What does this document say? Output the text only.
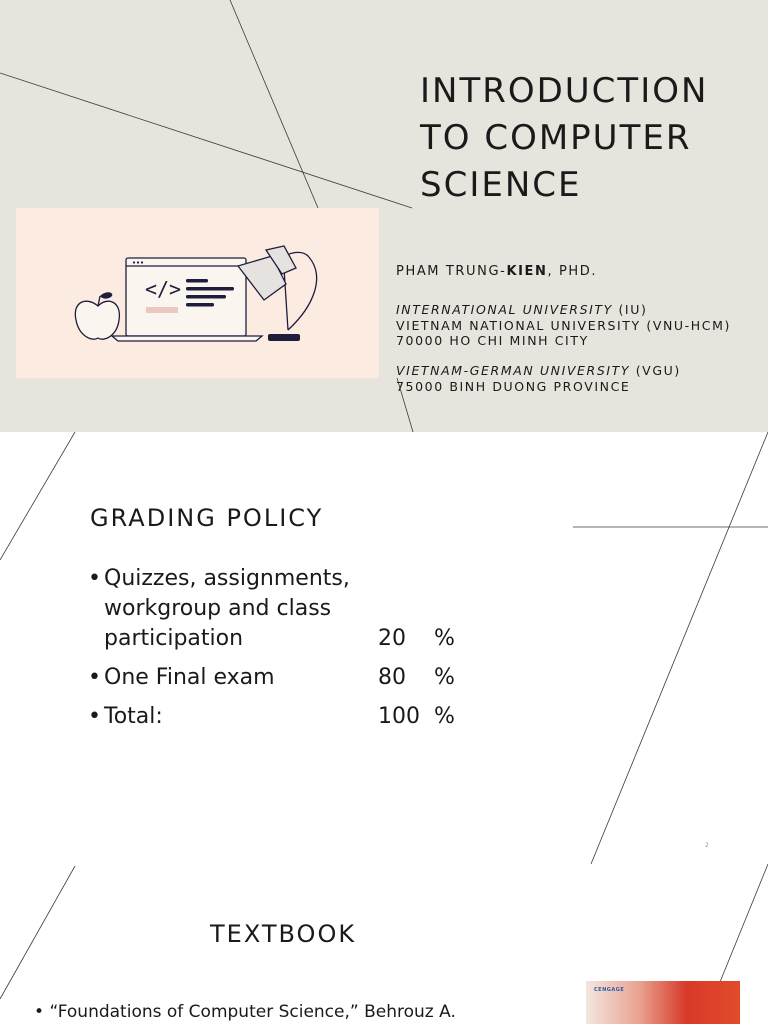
INTRODUCTION
TO COMPUTER
SCIENCE
</>
PHAM TRUNG-KIEN, PHD.
INTERNATIONAL UNIVERSITY (IU)
VIETNAM NATIONAL UNIVERSITY (VNU-HCM)
70000 HO CHI MINH CITY
VIETNAM-GERMAN UNIVERSITY (VGU)
75000 BINH DUONG PROVINCE
GRADING POLICY
• Quizzes, assignments,
workgroup and class
participation	20 %
• One Final exam	80 %
• Total:	100 %
2
TEXTBOOK
• “Foundations of Computer Science,” Behrouz A.
CENGAGE
